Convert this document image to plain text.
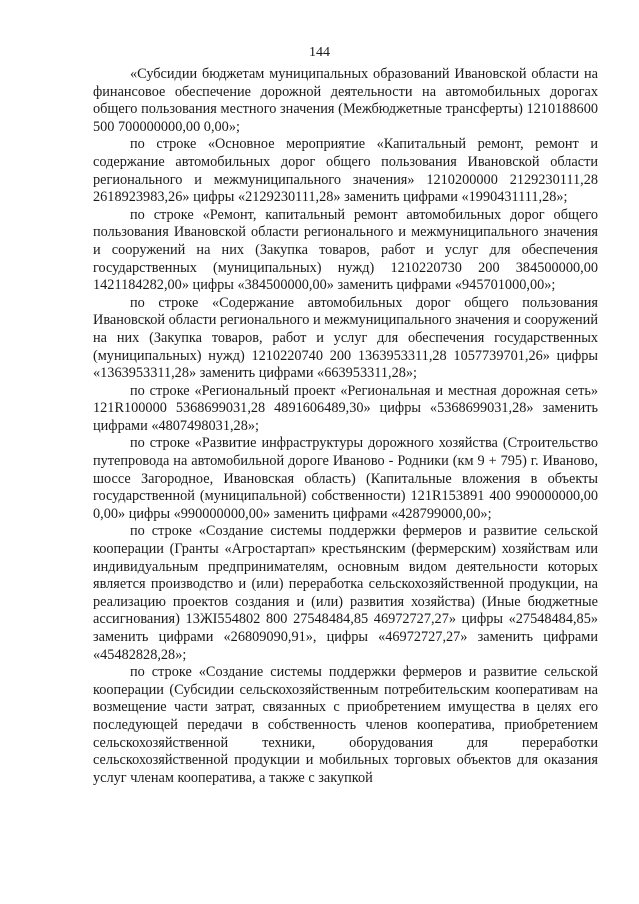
144

«Субсидии бюджетам муниципальных образований Ивановской области на финансовое обеспечение дорожной деятельности на автомобильных дорогах общего пользования местного значения (Межбюджетные трансферты) 1210188600 500 700000000,00 0,00»;

по строке «Основное мероприятие «Капитальный ремонт, ремонт и содержание автомобильных дорог общего пользования Ивановской области регионального и межмуниципального значения» 1210200000 2129230111,28 2618923983,26» цифры «2129230111,28» заменить цифрами «1990431111,28»;

по строке «Ремонт, капитальный ремонт автомобильных дорог общего пользования Ивановской области регионального и межмуниципального значения и сооружений на них (Закупка товаров, работ и услуг для обеспечения государственных (муниципальных) нужд) 1210220730 200 384500000,00 1421184282,00» цифры «384500000,00» заменить цифрами «945701000,00»;

по строке «Содержание автомобильных дорог общего пользования Ивановской области регионального и межмуниципального значения и сооружений на них (Закупка товаров, работ и услуг для обеспечения государственных (муниципальных) нужд) 1210220740 200 1363953311,28 1057739701,26» цифры «1363953311,28» заменить цифрами «663953311,28»;

по строке «Региональный проект «Региональная и местная дорожная сеть» 121R100000 5368699031,28 4891606489,30» цифры «5368699031,28» заменить цифрами «4807498031,28»;

по строке «Развитие инфраструктуры дорожного хозяйства (Строительство путепровода на автомобильной дороге Иваново - Родники (км 9 + 795) г. Иваново, шоссе Загородное, Ивановская область) (Капитальные вложения в объекты государственной (муниципальной) собственности) 121R153891 400 990000000,00 0,00» цифры «990000000,00» заменить цифрами «428799000,00»;

по строке «Создание системы поддержки фермеров и развитие сельской кооперации (Гранты «Агростартап» крестьянским (фермерским) хозяйствам или индивидуальным предпринимателям, основным видом деятельности которых является производство и (или) переработка сельскохозяйственной продукции, на реализацию проектов создания и (или) развития хозяйства) (Иные бюджетные ассигнования) 13ЖI554802 800 27548484,85 46972727,27» цифры «27548484,85» заменить цифрами «26809090,91», цифры «46972727,27» заменить цифрами «45482828,28»;

по строке «Создание системы поддержки фермеров и развитие сельской кооперации (Субсидии сельскохозяйственным потребительским кооперативам на возмещение части затрат, связанных с приобретением имущества в целях его последующей передачи в собственность членов кооператива, приобретением сельскохозяйственной техники, оборудования для переработки сельскохозяйственной продукции и мобильных торговых объектов для оказания услуг членам кооператива, а также с закупкой
